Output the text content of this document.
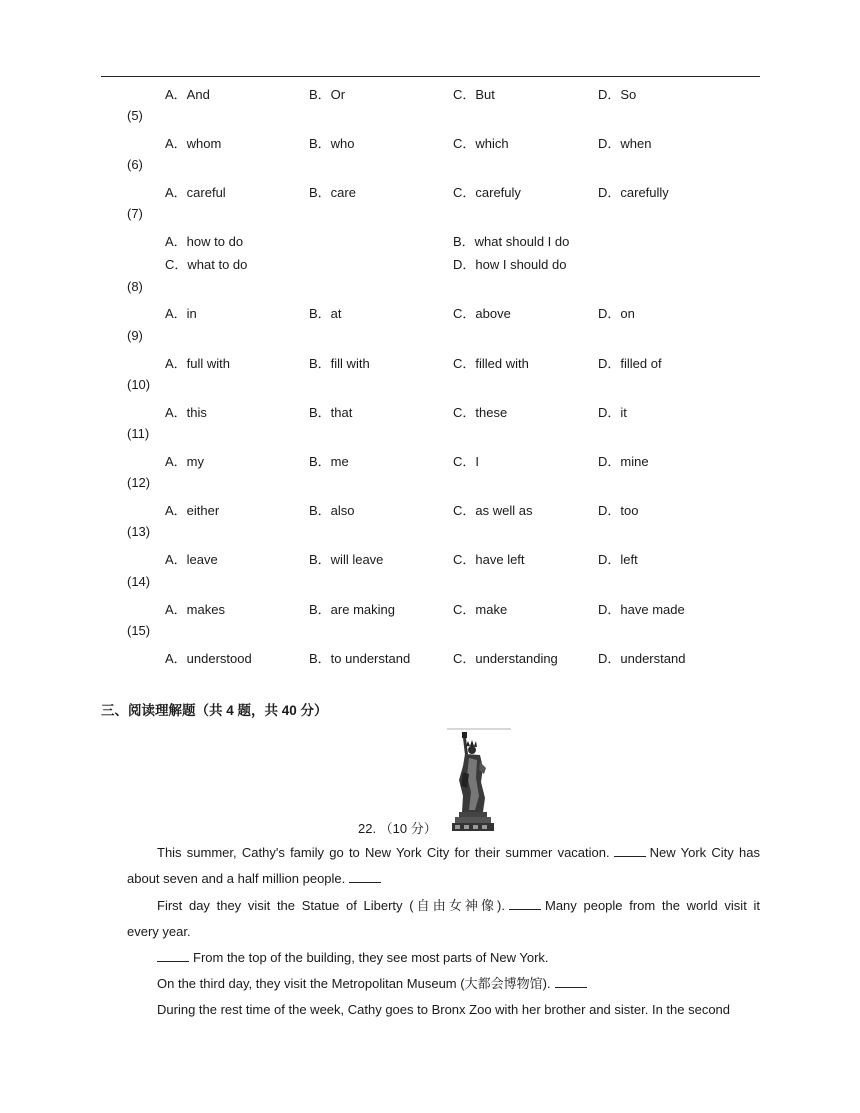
A．And	B．Or	C．But	D．So
(5)
A．whom	B．who	C．which	D．when
(6)
A．careful	B．care	C．carefuly	D．carefully
(7)
A．how to do	B．what should I do
C．what to do	D．how I should do
(8)
A．in	B．at	C．above	D．on
(9)
A．full with	B．fill with	C．filled with	D．filled of
(10)
A．this	B．that	C．these	D．it
(11)
A．my	B．me	C．I	D．mine
(12)
A．either	B．also	C．as well as	D．too
(13)
A．leave	B．will leave	C．have left	D．left
(14)
A．makes	B．are making	C．make	D．have made
(15)
A．understood	B．to understand	C．understanding	D．understand
三、阅读理解题（共 4 题，共 40 分）
22. （10 分）
This summer, Cathy's family go to New York City for their summer vacation.	New York City has
about seven and a half million people.
First day they visit the Statue of Liberty (自由女神像).	Many people from the world visit it
every year.
From the top of the building, they see most parts of New York.
On the third day, they visit the Metropolitan Museum (大都会博物馆).
During the rest time of the week, Cathy goes to Bronx Zoo with her brother and sister. In the second
